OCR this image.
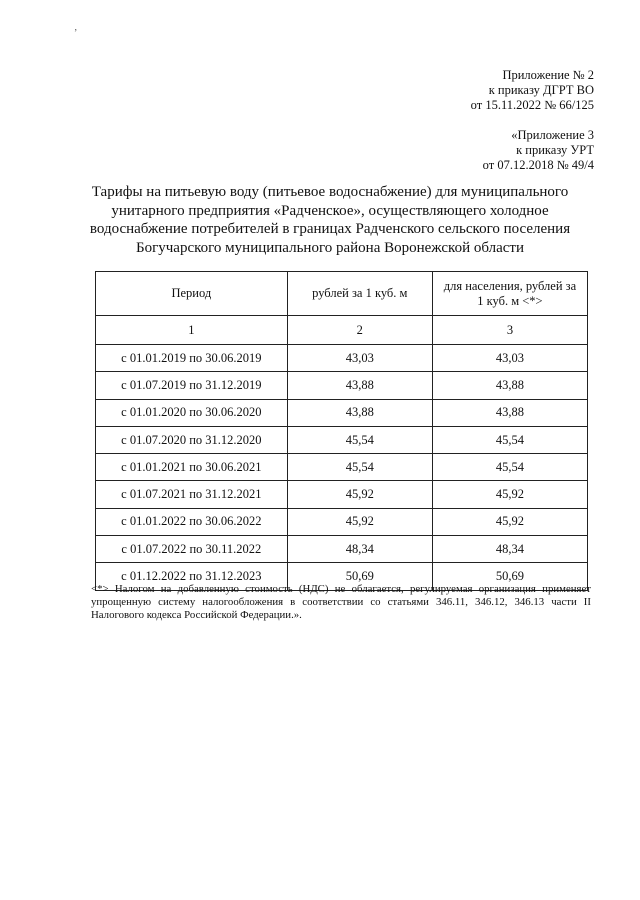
ʼ
Приложение № 2
к приказу ДГРТ ВО
от 15.11.2022 № 66/125
«Приложение 3
к приказу УРТ
от 07.12.2018 № 49/4
Тарифы на питьевую воду (питьевое водоснабжение) для муниципального
унитарного предприятия «Радченское», осуществляющего холодное
водоснабжение потребителей в границах Радченского сельского поселения
Богучарского муниципального района Воронежской области
Период	рублей за 1 куб. м	для населения, рублей за
1 куб. м <*>

1	2	3
с 01.01.2019 по 30.06.2019	43,03	43,03
с 01.07.2019 по 31.12.2019	43,88	43,88
с 01.01.2020 по 30.06.2020	43,88	43,88
с 01.07.2020 по 31.12.2020	45,54	45,54
с 01.01.2021 по 30.06.2021	45,54	45,54
с 01.07.2021 по 31.12.2021	45,92	45,92
с 01.01.2022 по 30.06.2022	45,92	45,92
с 01.07.2022 по 30.11.2022	48,34	48,34
с 01.12.2022 по 31.12.2023	50,69	50,69
<*> Налогом на добавленную стоимость (НДС) не облагается, регулируемая организация применяет упрощенную систему налогообложения в соответствии со статьями 346.11, 346.12, 346.13 части II Налогового кодекса Российской Федерации.».
